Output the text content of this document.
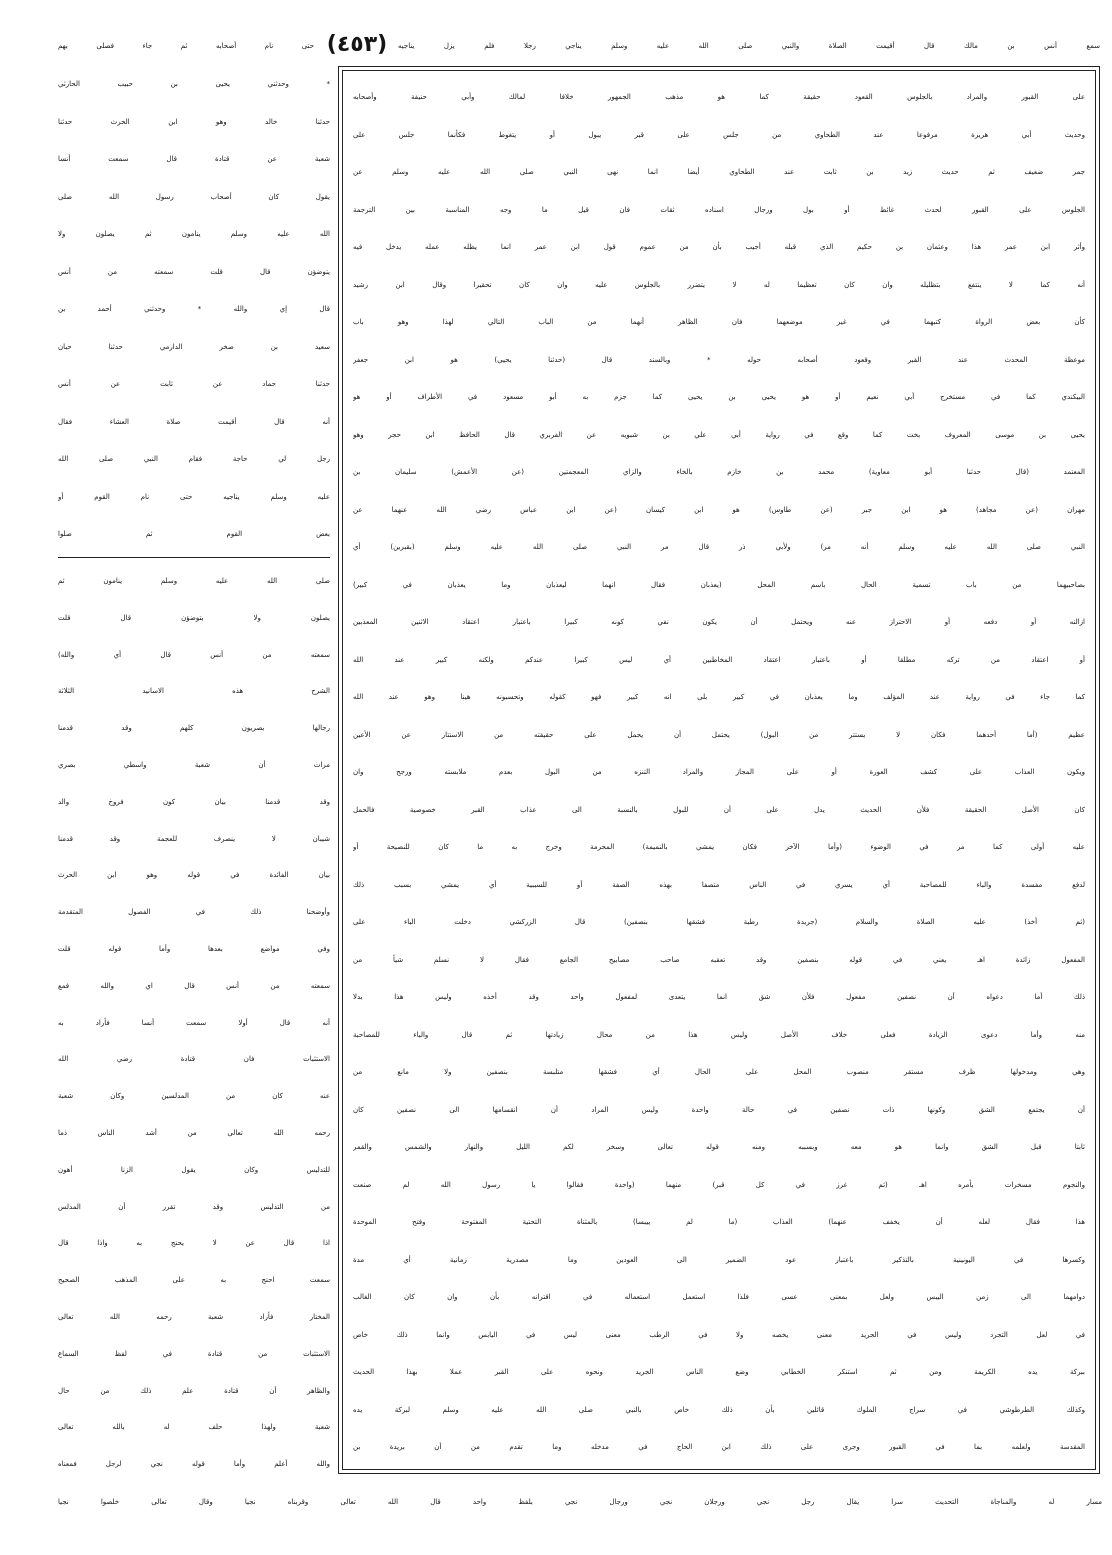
سمع أنس بن مالك قال أقيمت الصلاة والنبي صلى الله عليه وسلم يناجي رجلا فلم يزل يناجيه
(٤٥٣)
حتى نام أصحابه ثم جاء فصلى بهم
* وحدثني يحيى بن حبيب الحارثي
حدثنا خالد وهو ابن الحرث حدثنا
شعبة عن قتادة قال سمعت أنسا
يقول كان أصحاب رسول الله صلى
الله عليه وسلم ينامون ثم يصلون ولا
يتوضؤن قال قلت سمعته من أنس
قال إي والله * وحدثني أحمد بن
سعيد بن صخر الدارمي حدثنا حبان
حدثنا حماد عن ثابت عن أنس
أنه قال أقيمت صلاة العشاء فقال
رجل لي حاجة فقام النبي صلى الله
عليه وسلم يناجيه حتى نام القوم أو
بعض القوم ثم صلوا
صلى الله عليه وسلم ينامون ثم
يصلون ولا يتوضؤن قال قلت
سمعته من أنس قال أي والله)
الشرح هذه الاسانيد الثلاثة
رجالها بصريون كلهم وقد قدمنا
مرات أن شعبة واسطي بصري
وقد قدمنا بيان كون فروخ والد
شيبان لا ينصرف للعجمة وقد قدمنا
بيان الفائدة في قوله وهو ابن الحرث
وأوضحنا ذلك في الفصول المتقدمة
وفي مواضع بعدها وأما قوله قلت
سمعته من أنس قال اي والله فمع
أنه قال أولا سمعت أنسا فأراد به
الاستثبات فان قتادة رضي الله
عنه كان من المدلسين وكان شعبة
رحمه الله تعالى من أشد الناس ذما
للتدليس وكان يقول الزنا أهون
من التدليس وقد تقرر أن المدلس
اذا قال عن لا يحتج به واذا قال
سمعت احتج به على المذهب الصحيح
المختار فأراد شعبة رحمه الله تعالى
الاستثبات من قتادة في لفظ السماع
والظاهر أن قتادة علم ذلك من حال
شعبة ولهذا حلف له بالله تعالى
والله أعلم وأما قوله نجي لرجل فمعناه
على القبور والمراد بالجلوس القعود حقيقة كما هو مذهب الجمهور خلافا لمالك وأبي حنيفة وأصحابه
وحديث أبي هريرة مرفوعا عند الطحاوي من جلس على قبر يبول أو يتغوط فكأنما جلس على
جمر ضعيف ثم حديث زيد بن ثابت عند الطحاوي أيضا انما نهى النبي صلى الله عليه وسلم عن
الجلوس على القبور لحدث غائط أو بول ورجال اسناده ثقات فان قيل ما وجه المناسبة بين الترجمة
وأثر ابن عمر هذا وعثمان بن حكيم الذي قبله أجيب بأن من عموم قول ابن عمر انما يظله عمله يدخل فيه
أنه كما لا ينتفع بتظليله وان كان تعظيما له لا يتضرر بالجلوس عليه وان كان تحقيرا وقال ابن رشيد
كأن بعض الرواة كتبهما في غير موضعهما فان الظاهر أنهما من الباب التالي لهذا وهو باب
موعظة المحدث عند القبر وقعود أصحابه حوله * وبالسند قال (حدثنا يحيى) هو ابن جعفر
البيكندي كما في مستخرج أبي نعيم أو هو يحيى بن يحيى كما جزم به أبو مسعود في الأطراف أو هو
يحيى بن موسى المعروف بخت كما وقع في رواية أبي علي بن شبويه عن الفربري قال الحافظ ابن حجر وهو
المعتمد (قال حدثنا أبو معاوية) محمد بن خازم بالخاء والزاي المعجمتين (عن الأعمش) سليمان بن
مهران (عن مجاهد) هو ابن جبر (عن طاوس) هو ابن كيسان (عن ابن عباس رضي الله عنهما عن
النبي صلى الله عليه وسلم أنه مر) ولأبي ذر قال مر النبي صلى الله عليه وسلم (بقبرين) أي
بصاحبيهما من باب تسمية الحال باسم المحل (يعذبان فقال انهما ليعذبان وما يعذبان في كبير)
ازالته أو دفعه أو الاحتراز عنه ويحتمل أن يكون نفي كونه كبيرا باعتبار اعتقاد الاثنين المعذبين
أو اعتقاد من تركه مطلقا أو باعتبار اعتقاد المخاطبين أي ليس كبيرا عندكم ولكنه كبير عند الله
كما جاء في رواية عند المؤلف وما يعذبان في كبير بلى انه كبير فهو كقوله وتحسبونه هينا وهو عند الله
عظيم (أما أحدهما فكان لا يستتر من البول) يحتمل أن يحمل على حقيقته من الاستتار عن الأعين
ويكون العذاب على كشف العورة أو على المجاز والمراد التنزه من البول بعدم ملابسته ورجح وان
كان الأصل الحقيقة فلأن الحديث يدل على أن للبول بالنسبة الى عذاب القبر خصوصية فالحمل
عليه أولى كما مر في الوضوء (وأما الآخر فكان يمشي بالنميمة) المحرمة وخرج به ما كان للنصيحة أو
لدفع مفسدة والباء للمصاحبة أي يسري في الناس متصفا بهذه الصفة أو للسببية أي يمشي بسبب ذلك
(ثم أخذ) عليه الصلاة والسلام (جريدة رطبة فشقها بنصفين) قال الزركشي دخلت الباء على
المفعول زائدة اهـ يعني في قوله بنصفين وقد تعقبه صاحب مصابيح الجامع فقال لا نسلم شيأ من
ذلك أما دعواه أن نصفين مفعول فلأن شق انما يتعدى لمفعول واحد وقد أخذه وليس هذا بدلا
منه وأما دعوى الزيادة فعلى خلاف الأصل وليس هذا من محال زيادتها ثم قال والباء للمصاحبة
وهي ومدخولها ظرف مستقر منصوب المحل على الحال أي فشقها متلبسة بنصفين ولا مانع من
أن يجتمع الشق وكونها ذات نصفين في حالة واحدة وليس المراد أن انقسامها الى نصفين كان
ثابتا قبل الشق وانما هو معه وبسببه ومنه قوله تعالى وسخر لكم الليل والنهار والشمس والقمر
والنجوم مسخرات بأمره اهـ (ثم غرز في كل قبر) منهما (واحدة فقالوا يا رسول الله لم صنعت
هذا فقال لعله أن يخفف عنهما) العذاب (ما لم ييبسا) بالمثناة التحتية المفتوحة وفتح الموحدة
وكسرها في اليونينية بالتذكير باعتبار عود الضمير الى العودين وما مصدرية زمانية أي مدة
دوامهما الى زمن اليبس ولعل بمعنى عسى فلذا استعمل استعماله في اقترانه بأن وان كان الغالب
في لعل التجرد وليس في الجريد معنى يخصه ولا في الرطب معنى ليس في اليابس وانما ذلك خاص
ببركة يده الكريمة ومن ثم استنكر الخطابي وضع الناس الجريد ونحوه على القبر عملا بهذا الحديث
وكذلك الطرطوشي في سراج الملوك قائلين بأن ذلك خاص بالنبي صلى الله عليه وسلم لبركة يده
المقدسة ولعلمه بما في القبور وجرى على ذلك ابن الحاج في مدخله وما تقدم من أن بريدة بن
مسار له والمناجاة التحديث سرا يقال رجل نجي ورجلان نجي ورجال نجي بلفظ واحد قال الله تعالى وقربناه نجيا وقال تعالى خلصوا نجيا
